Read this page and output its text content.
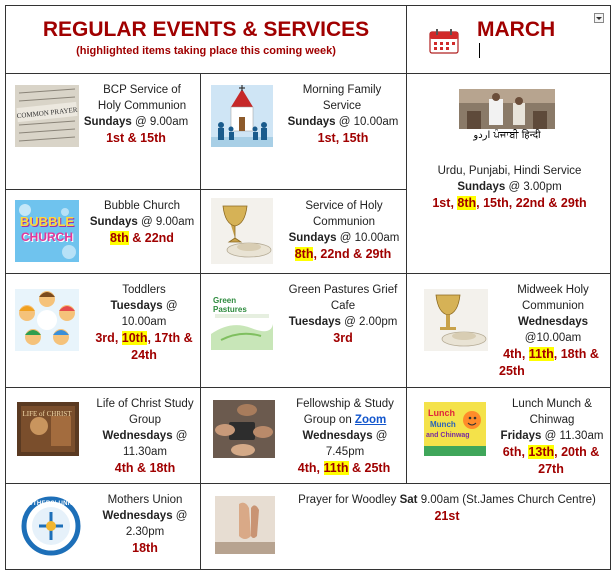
REGULAR EVENTS & SERVICES
(highlighted items taking place this coming week)
MARCH
COMMON PRAYER
BCP Service of
Holy Communion
Sundays @ 9.00am
1st & 15th
Morning Family
Service
Sundays @ 10.00am
1st, 15th	اردو ਪੰਜਾਬੀ हिन्दी
Urdu, Punjabi, Hindi Service
Sundays @ 3.00pm
1st, 8th, 15th, 22nd & 29th
BUBBLE
CHURCH
Bubble Church
Sundays @ 9.00am
8th & 22nd
Service of Holy
Communion
Sundays @ 10.00am
8th, 22nd & 29th
Toddlers
Tuesdays @
10.00am
3rd, 10th, 17th &
24th
Green Pastures
Green Pastures Grief
Cafe
Tuesdays @ 2.00pm
3rd
Midweek Holy
Communion
Wednesdays
@10.00am
4th, 11th, 18th &
25th
LIFE of CHRIST
Life of Christ Study
Group
Wednesdays @
11.30am
4th & 18th
Fellowship & Study
Group on Zoom
Wednesdays @
7.45pm
4th, 11th & 25th
Lunch
Munch
and Chinwag
Lunch Munch &
Chinwag
Fridays @ 11.30am
6th, 13th, 20th &
27th
MOTHERS' UNION	Mothers Union
Wednesdays @
2.30pm
18th
Prayer for Woodley Sat 9.00am (St.James Church Centre)
21st
